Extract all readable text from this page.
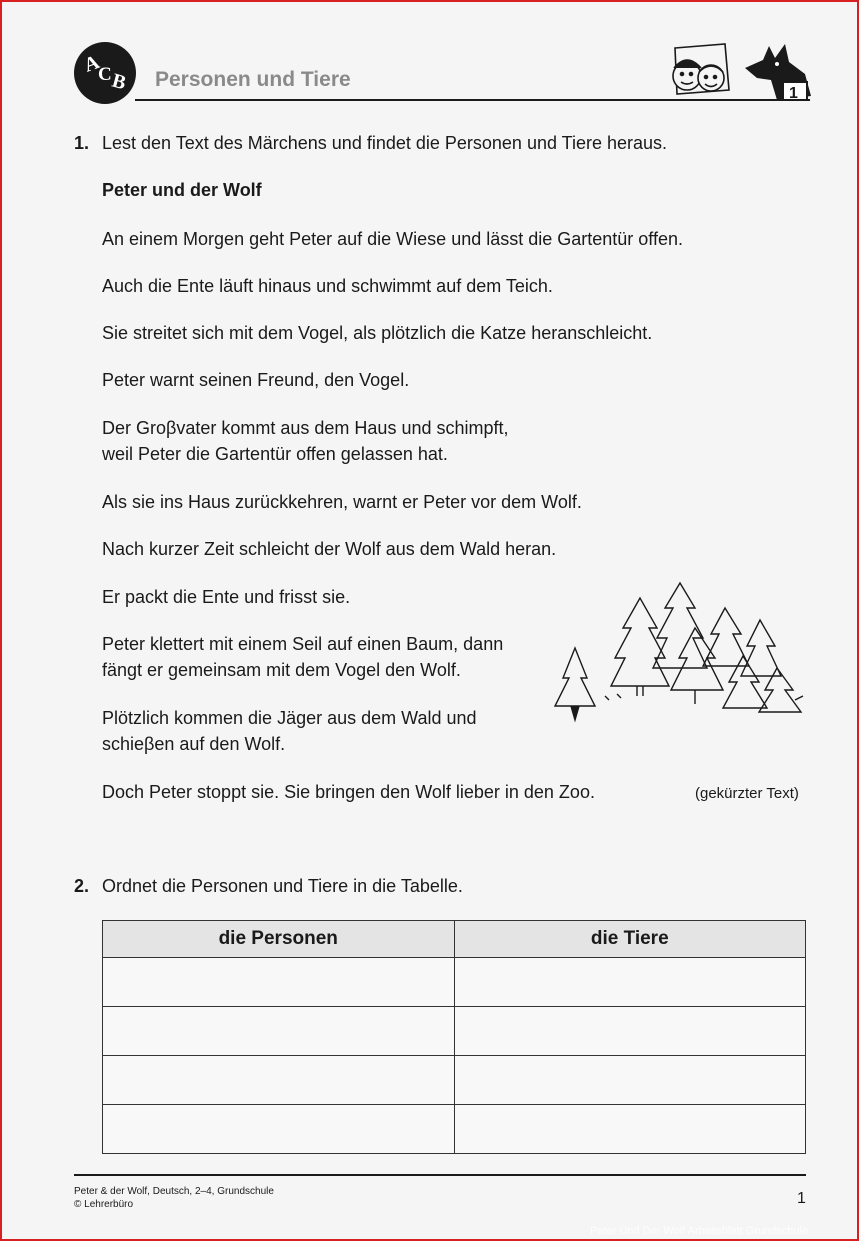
A
C
B Personen und Tiere
1
1. Lest den Text des Märchens und findet die Personen und Tiere heraus.
Peter und der Wolf
An einem Morgen geht Peter auf die Wiese und lässt die Gartentür offen.
Auch die Ente läuft hinaus und schwimmt auf dem Teich.
Sie streitet sich mit dem Vogel, als plötzlich die Katze heranschleicht.
Peter warnt seinen Freund, den Vogel.
Der Groβvater kommt aus dem Haus und schimpft,
weil Peter die Gartentür offen gelassen hat.
Als sie ins Haus zurückkehren, warnt er Peter vor dem Wolf.
Nach kurzer Zeit schleicht der Wolf aus dem Wald heran.
Er packt die Ente und frisst sie.
Peter klettert mit einem Seil auf einen Baum, dann
fängt er gemeinsam mit dem Vogel den Wolf.
Plötzlich kommen die Jäger aus dem Wald und
schieβen auf den Wolf.
Doch Peter stoppt sie. Sie bringen den Wolf lieber in den Zoo.	(gekürzter Text)
2. Ordnet die Personen und Tiere in die Tabelle.
die Personen	die Tiere

Peter & der Wolf, Deutsch, 2–4, Grundschule
© Lehrerbüro	1
Peter Und Der Wolf Arbeitsblatt Grundschule
